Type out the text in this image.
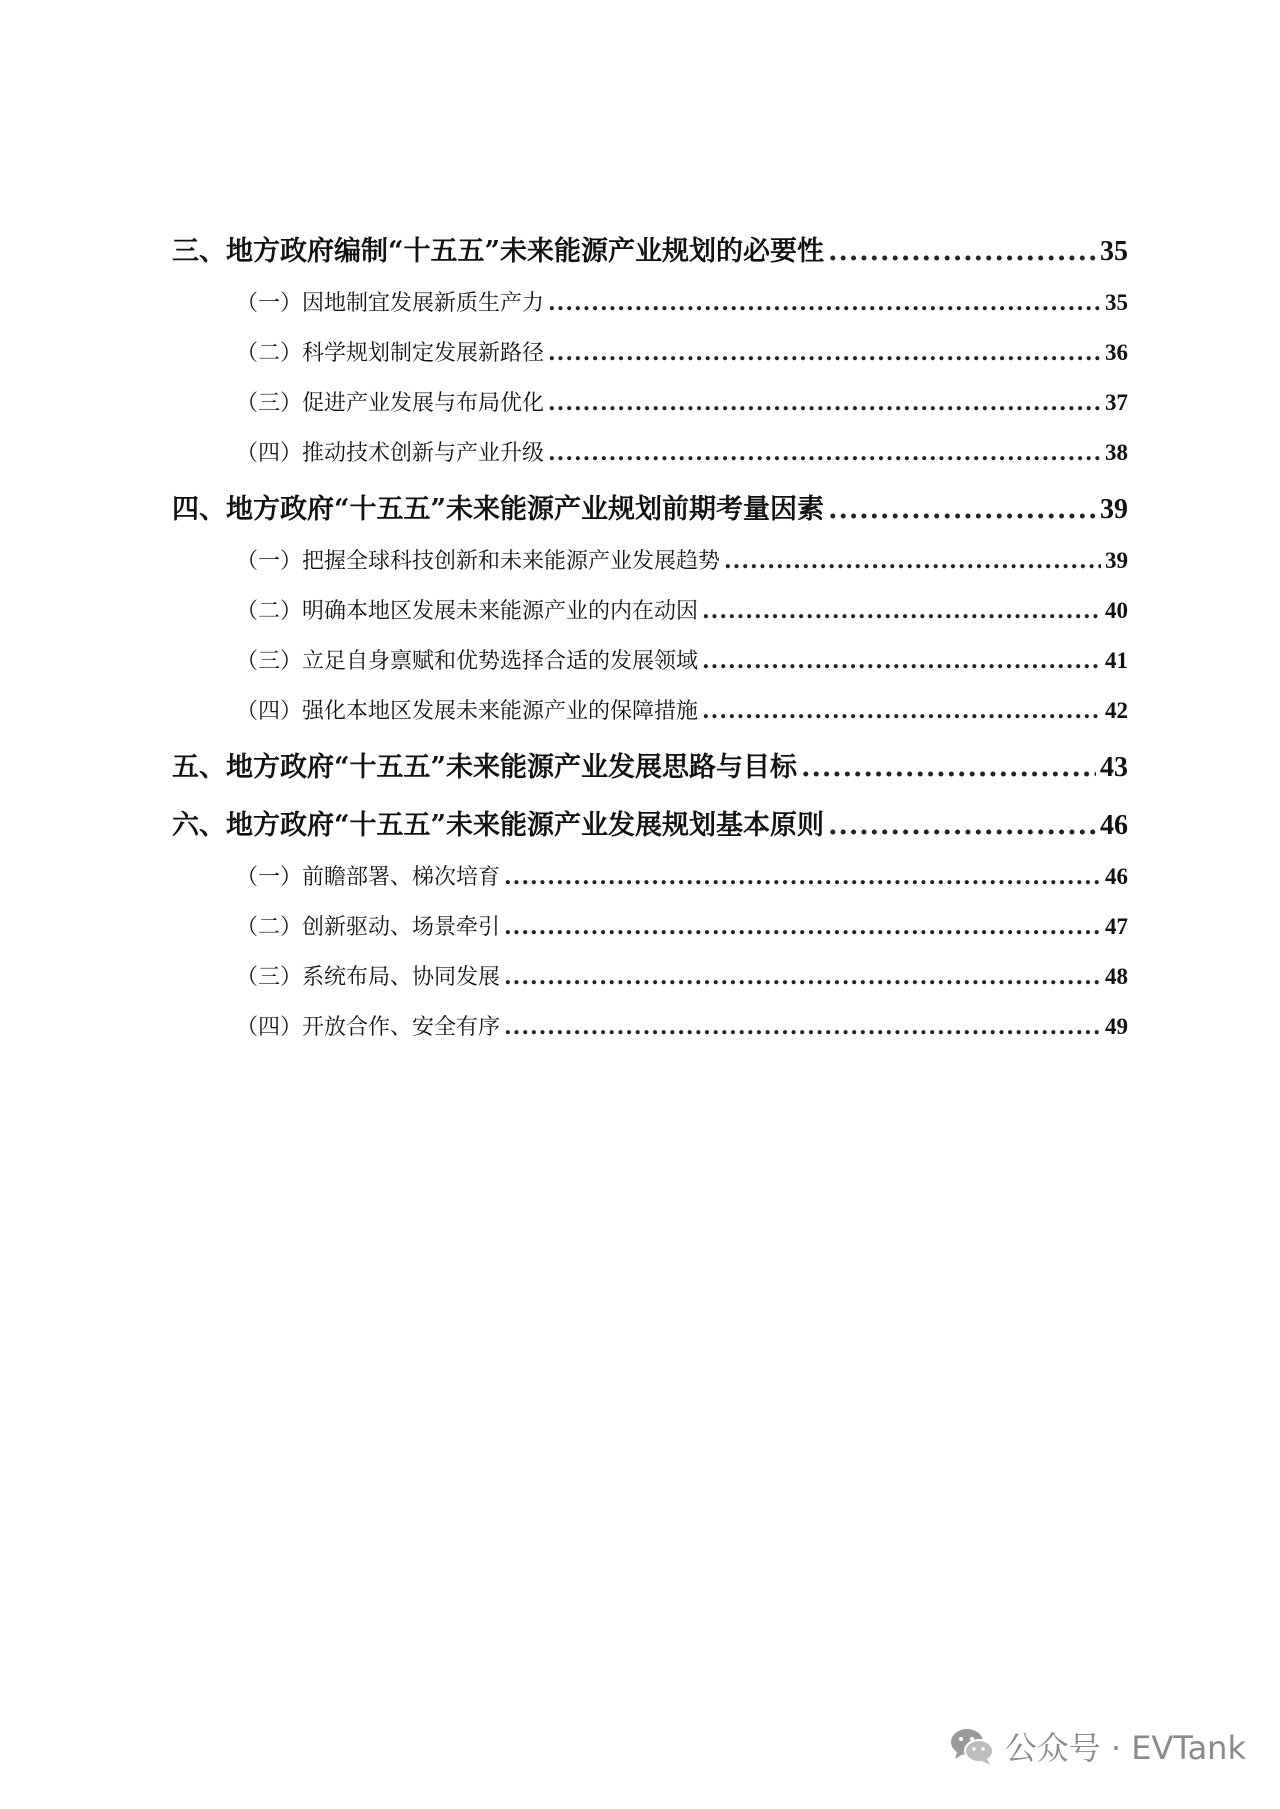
三、地方政府编制“十五五”未来能源产业规划的必要性 .....	35
（一）因地制宜发展新质生产力 .....	35
（二）科学规划制定发展新路径 .....	36
（三）促进产业发展与布局优化 .....	37
（四）推动技术创新与产业升级 .....	38
四、地方政府“十五五”未来能源产业规划前期考量因素 .....	39
（一）把握全球科技创新和未来能源产业发展趋势 .....	39
（二）明确本地区发展未来能源产业的内在动因 .....	40
（三）立足自身禀赋和优势选择合适的发展领域 .....	41
（四）强化本地区发展未来能源产业的保障措施 .....	42
五、地方政府“十五五”未来能源产业发展思路与目标 .....	43
六、地方政府“十五五”未来能源产业发展规划基本原则 .....	46
（一）前瞻部署、梯次培育 .....	46
（二）创新驱动、场景牵引 .....	47
（三）系统布局、协同发展 .....	48
（四）开放合作、安全有序 .....	49
公众号 · EVTank
